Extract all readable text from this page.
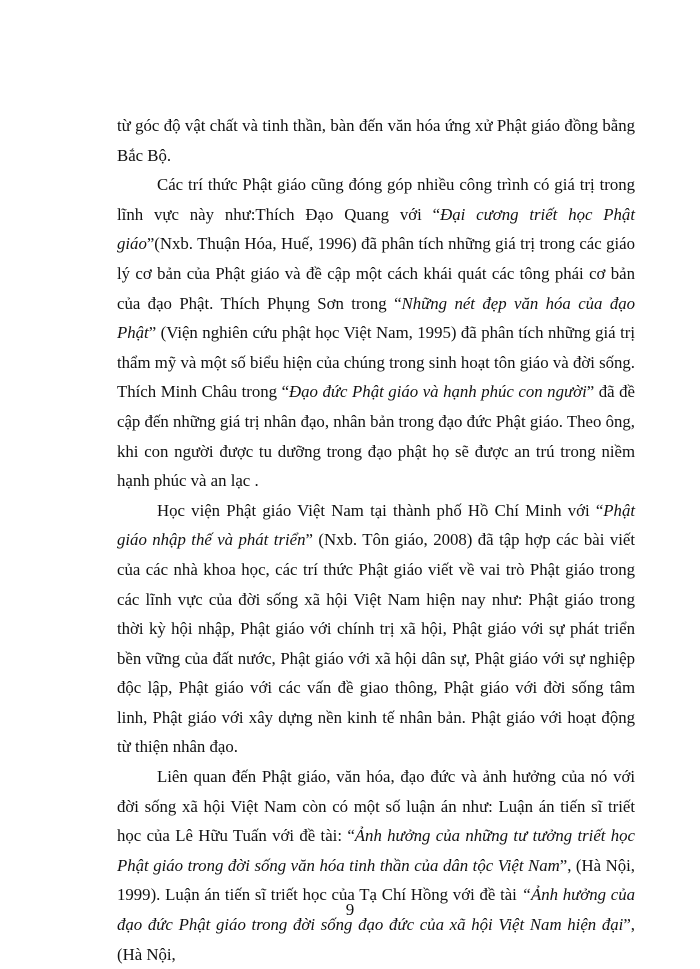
từ góc độ vật chất và tinh thần, bàn đến văn hóa ứng xử Phật giáo đồng bằng Bắc Bộ.

Các trí thức Phật giáo cũng đóng góp nhiều công trình có giá trị trong lĩnh vực này như:Thích Đạo Quang với “Đại cương triết học Phật giáo”(Nxb. Thuận Hóa, Huế, 1996) đã phân tích những giá trị trong các giáo lý cơ bản của Phật giáo và đề cập một cách khái quát các tông phái cơ bản của đạo Phật. Thích Phụng Sơn trong “Những nét đẹp văn hóa của đạo Phật” (Viện nghiên cứu phật học Việt Nam, 1995) đã phân tích những giá trị thẩm mỹ và một số biểu hiện của chúng trong sinh hoạt tôn giáo và đời sống. Thích Minh Châu trong “Đạo đức Phật giáo và hạnh phúc con người” đã đề cập đến những giá trị nhân đạo, nhân bản trong đạo đức Phật giáo. Theo ông, khi con người được tu dưỡng trong đạo phật họ sẽ được an trú trong niềm hạnh phúc và an lạc .

Học viện Phật giáo Việt Nam tại thành phố Hồ Chí Minh với “Phật giáo nhập thế và phát triển” (Nxb. Tôn giáo, 2008) đã tập hợp các bài viết của các nhà khoa học, các trí thức Phật giáo viết về vai trò Phật giáo trong các lĩnh vực của đời sống xã hội Việt Nam hiện nay như: Phật giáo trong thời kỳ hội nhập, Phật giáo với chính trị xã hội, Phật giáo với sự phát triển bền vững của đất nước, Phật giáo với xã hội dân sự, Phật giáo với sự nghiệp độc lập, Phật giáo với các vấn đề giao thông, Phật giáo với đời sống tâm linh, Phật giáo với xây dựng nền kinh tế nhân bản. Phật giáo với hoạt động từ thiện nhân đạo.

Liên quan đến Phật giáo, văn hóa, đạo đức và ảnh hưởng của nó với đời sống xã hội Việt Nam còn có một số luận án như: Luận án tiến sĩ triết học của Lê Hữu Tuấn với đề tài: “Ảnh hưởng của những tư tưởng triết học Phật giáo trong đời sống văn hóa tinh thần của dân tộc Việt Nam”, (Hà Nội, 1999). Luận án tiến sĩ triết học của Tạ Chí Hồng với đề tài “Ảnh hưởng của đạo đức Phật giáo trong đời sống đạo đức của xã hội Việt Nam hiện đại”, (Hà Nội,

9
